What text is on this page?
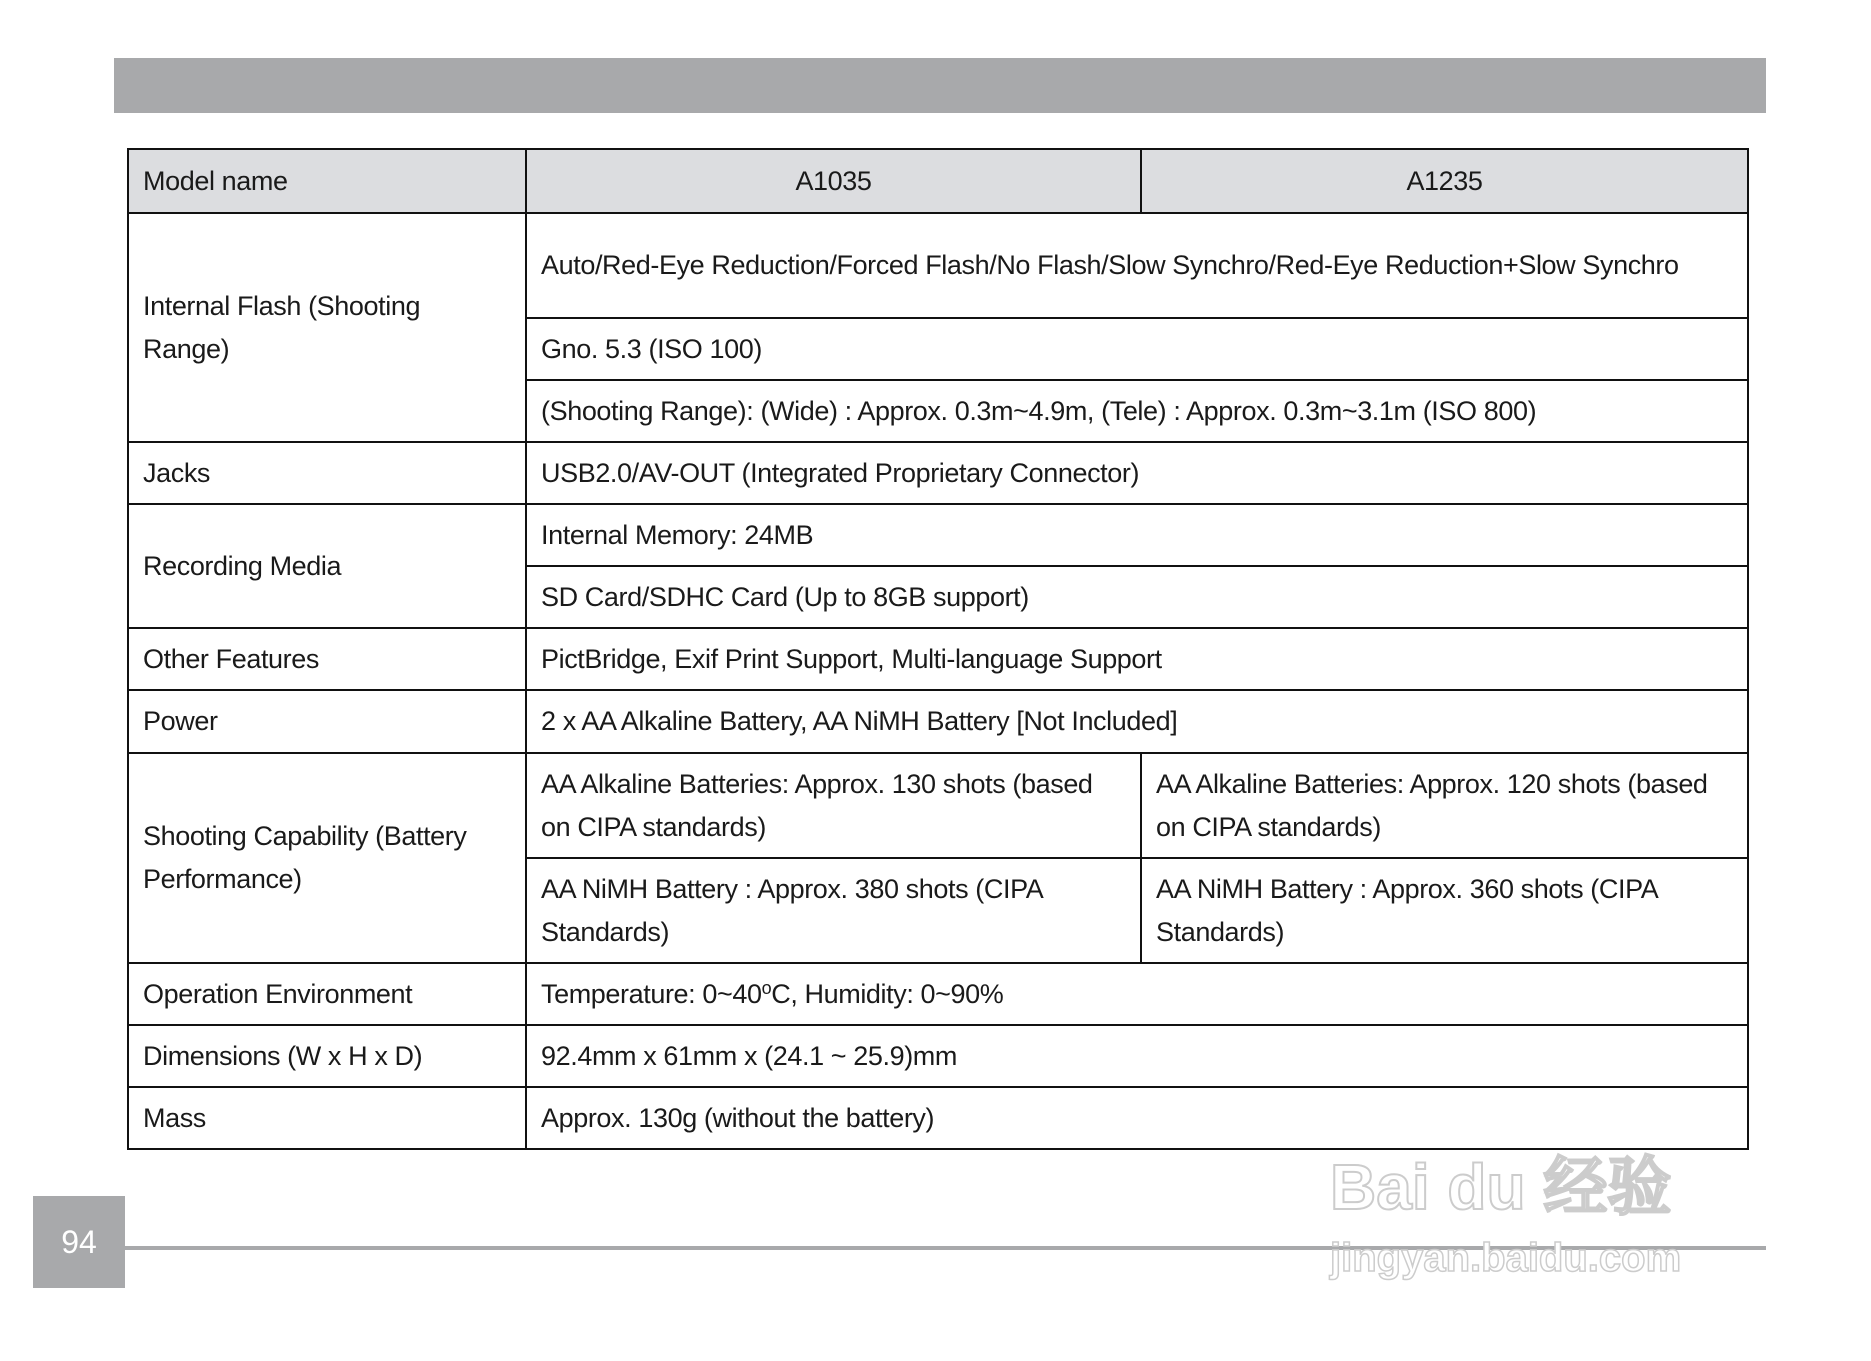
Model name	A1035	A1235
Internal Flash (Shooting Range)	Auto/Red-Eye Reduction/Forced Flash/No Flash/Slow Synchro/Red-Eye Reduction+Slow Synchro	
	Gno. 5.3 (ISO 100)	
	(Shooting Range): (Wide) : Approx. 0.3m~4.9m, (Tele) : Approx. 0.3m~3.1m (ISO 800)	
Jacks	USB2.0/AV-OUT (Integrated Proprietary Connector)	
Recording Media	Internal Memory: 24MB	
	SD Card/SDHC Card (Up to 8GB support)	
Other Features	PictBridge, Exif Print Support, Multi-language Support	
Power	2 x AA Alkaline Battery, AA NiMH Battery [Not Included]	
Shooting Capability (Battery Performance)	AA Alkaline Batteries: Approx. 130 shots (based on CIPA standards)	AA Alkaline Batteries: Approx. 120 shots (based on CIPA standards)
	AA NiMH Battery : Approx. 380 shots (CIPA Standards)	AA NiMH Battery : Approx. 360 shots (CIPA Standards)
Operation Environment	Temperature: 0~40$^o$C, Humidity: 0~90%	
Dimensions (W x H x D)	92.4mm x 61mm x (24.1 ~ 25.9)mm	
Mass	Approx. 130g (without the battery)	
94
Bai du 经验
jingyan.baidu.com
